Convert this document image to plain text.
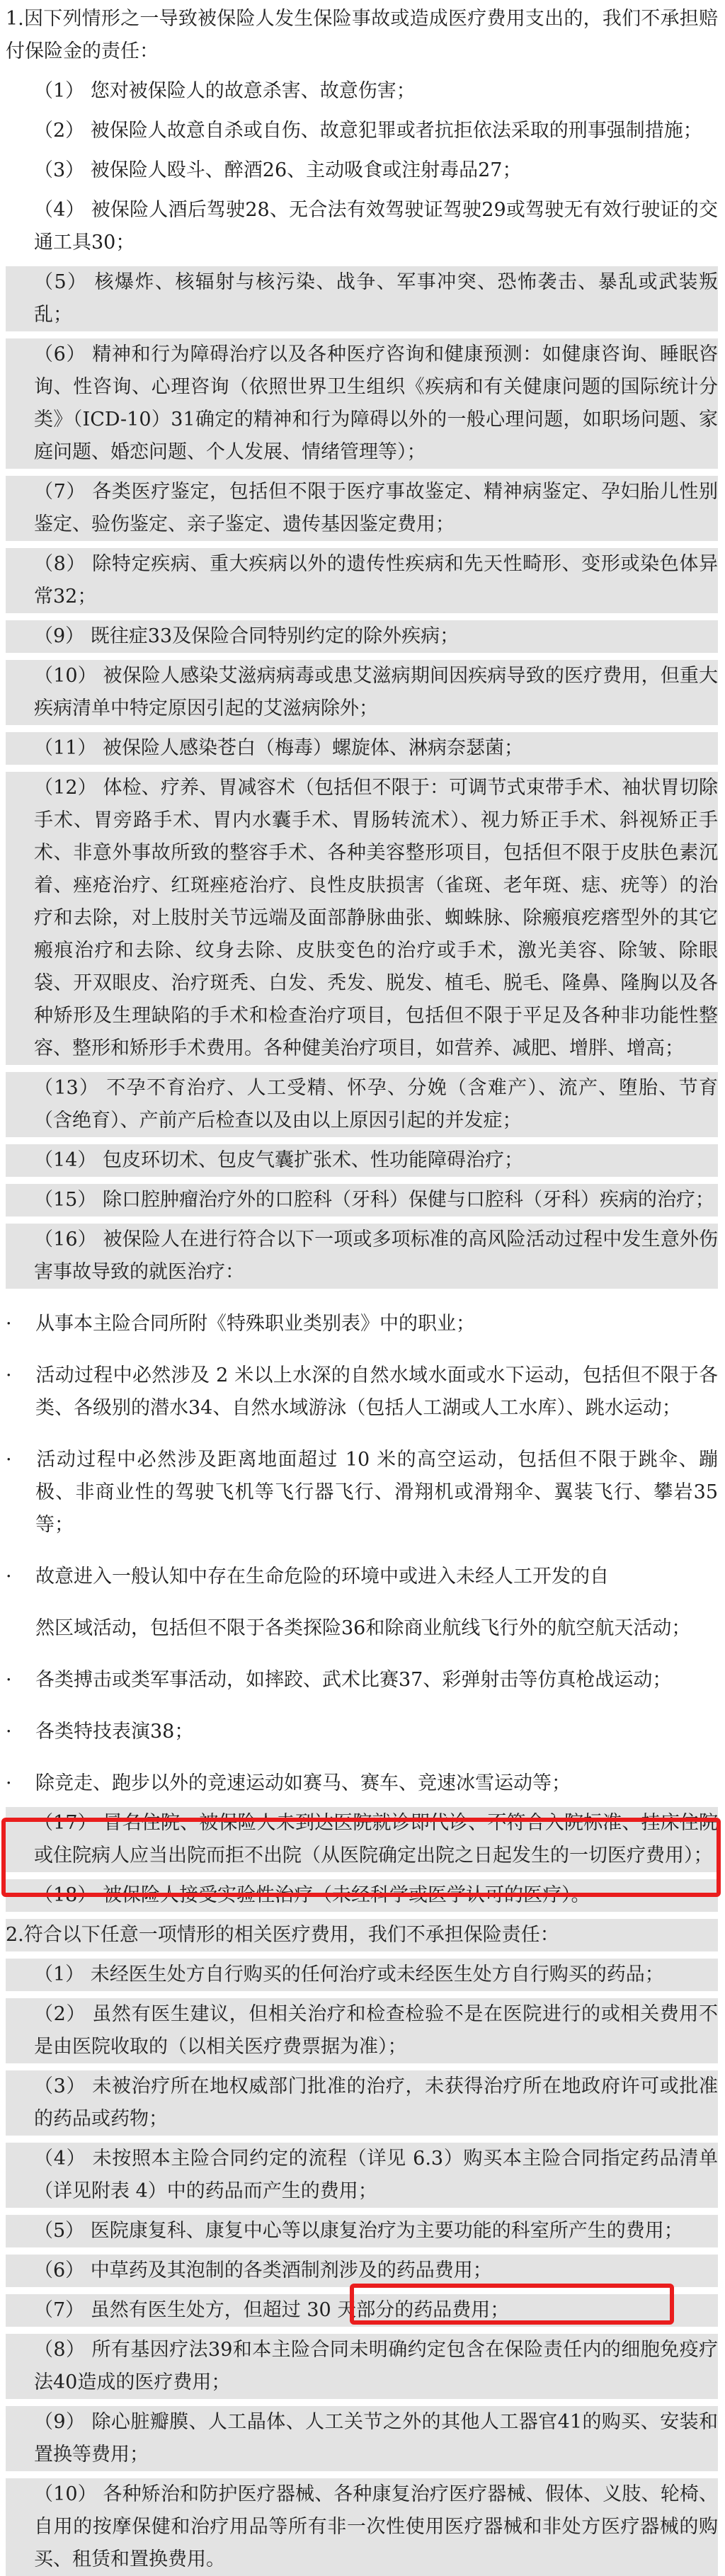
1.因下列情形之一导致被保险人发生保险事故或造成医疗费用支出的，我们不承担赔付保险金的责任：

（1） 您对被保险人的故意杀害、故意伤害；

（2） 被保险人故意自杀或自伤、故意犯罪或者抗拒依法采取的刑事强制措施；

（3） 被保险人殴斗、醉酒26、主动吸食或注射毒品27；

（4） 被保险人酒后驾驶28、无合法有效驾驶证驾驶29或驾驶无有效行驶证的交通工具30；

（5） 核爆炸、核辐射与核污染、战争、军事冲突、恐怖袭击、暴乱或武装叛乱；

（6） 精神和行为障碍治疗以及各种医疗咨询和健康预测：如健康咨询、睡眠咨询、性咨询、心理咨询（依照世界卫生组织《疾病和有关健康问题的国际统计分类》（ICD-10）31确定的精神和行为障碍以外的一般心理问题，如职场问题、家庭问题、婚恋问题、个人发展、情绪管理等）；

（7） 各类医疗鉴定，包括但不限于医疗事故鉴定、精神病鉴定、孕妇胎儿性别鉴定、验伤鉴定、亲子鉴定、遗传基因鉴定费用；

（8） 除特定疾病、重大疾病以外的遗传性疾病和先天性畸形、变形或染色体异常32；

（9） 既往症33及保险合同特别约定的除外疾病；

（10） 被保险人感染艾滋病病毒或患艾滋病期间因疾病导致的医疗费用，但重大疾病清单中特定原因引起的艾滋病除外；

（11） 被保险人感染苍白（梅毒）螺旋体、淋病奈瑟菌；

（12） 体检、疗养、胃减容术（包括但不限于：可调节式束带手术、袖状胃切除手术、胃旁路手术、胃内水囊手术、胃肠转流术）、视力矫正手术、斜视矫正手术、非意外事故所致的整容手术、各种美容整形项目，包括但不限于皮肤色素沉着、痤疮治疗、红斑痤疮治疗、良性皮肤损害（雀斑、老年斑、痣、疣等）的治疗和去除，对上肢肘关节远端及面部静脉曲张、蜘蛛脉、除瘢痕疙瘩型外的其它瘢痕治疗和去除、纹身去除、皮肤变色的治疗或手术，激光美容、除皱、除眼袋、开双眼皮、治疗斑秃、白发、秃发、脱发、植毛、脱毛、隆鼻、隆胸以及各种矫形及生理缺陷的手术和检查治疗项目，包括但不限于平足及各种非功能性整容、整形和矫形手术费用。各种健美治疗项目，如营养、减肥、增胖、增高；

（13） 不孕不育治疗、人工受精、怀孕、分娩（含难产）、流产、堕胎、节育（含绝育）、产前产后检查以及由以上原因引起的并发症；

（14） 包皮环切术、包皮气囊扩张术、性功能障碍治疗；

（15） 除口腔肿瘤治疗外的口腔科（牙科）保健与口腔科（牙科）疾病的治疗；

（16） 被保险人在进行符合以下一项或多项标准的高风险活动过程中发生意外伤害事故导致的就医治疗：

· 从事本主险合同所附《特殊职业类别表》中的职业；

· 活动过程中必然涉及 2 米以上水深的自然水域水面或水下运动，包括但不限于各类、各级别的潜水34、自然水域游泳（包括人工湖或人工水库）、跳水运动；

· 活动过程中必然涉及距离地面超过 10 米的高空运动，包括但不限于跳伞、蹦极、非商业性的驾驶飞机等飞行器飞行、滑翔机或滑翔伞、翼装飞行、攀岩35等；

· 故意进入一般认知中存在生命危险的环境中或进入未经人工开发的自

然区域活动，包括但不限于各类探险36和除商业航线飞行外的航空航天活动；

· 各类搏击或类军事活动，如摔跤、武术比赛37、彩弹射击等仿真枪战运动；

· 各类特技表演38；

· 除竞走、跑步以外的竞速运动如赛马、赛车、竞速冰雪运动等；

（17） 冒名住院、被保险人未到达医院就诊即代诊、不符合入院标准、挂床住院或住院病人应当出院而拒不出院（从医院确定出院之日起发生的一切医疗费用）；

（18） 被保险人接受实验性治疗（未经科学或医学认可的医疗）。

2.符合以下任意一项情形的相关医疗费用，我们不承担保险责任：

（1） 未经医生处方自行购买的任何治疗或未经医生处方自行购买的药品；

（2） 虽然有医生建议，但相关治疗和检查检验不是在医院进行的或相关费用不是由医院收取的（以相关医疗费票据为准）；

（3） 未被治疗所在地权威部门批准的治疗，未获得治疗所在地政府许可或批准的药品或药物；

（4） 未按照本主险合同约定的流程（详见 6.3）购买本主险合同指定药品清单（详见附表 4）中的药品而产生的费用；

（5） 医院康复科、康复中心等以康复治疗为主要功能的科室所产生的费用；

（6） 中草药及其泡制的各类酒制剂涉及的药品费用；

（7） 虽然有医生处方，但超过 30 天部分的药品费用；

（8） 所有基因疗法39和本主险合同未明确约定包含在保险责任内的细胞免疫疗法40造成的医疗费用；

（9） 除心脏瓣膜、人工晶体、人工关节之外的其他人工器官41的购买、安装和置换等费用；

（10） 各种矫治和防护医疗器械、各种康复治疗医疗器械、假体、义肢、轮椅、自用的按摩保健和治疗用品等所有非一次性使用医疗器械和非处方医疗器械的购买、租赁和置换费用。
